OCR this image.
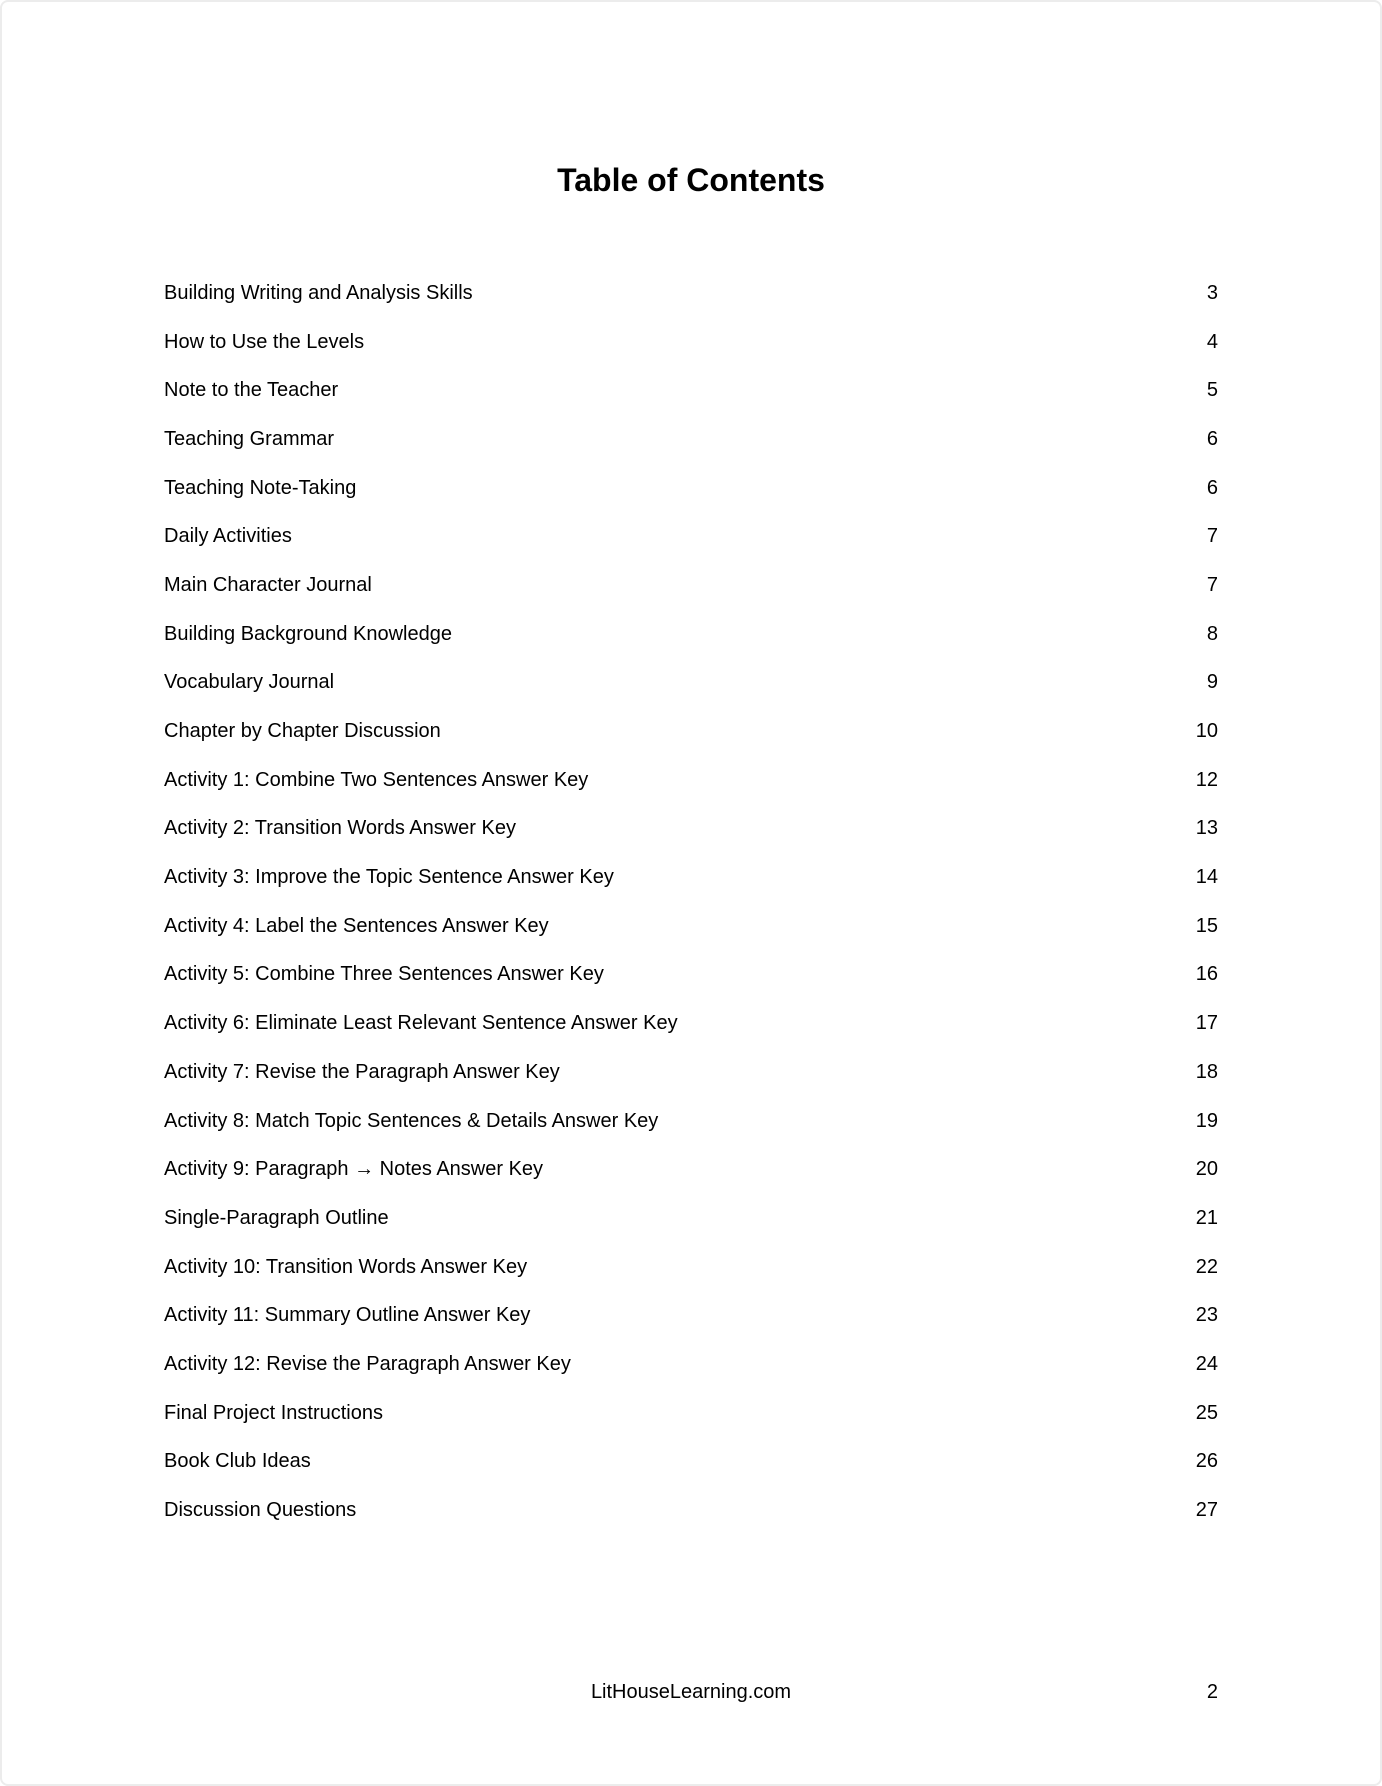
Table of Contents
Building Writing and Analysis Skills	3
How to Use the Levels	4
Note to the Teacher	5
Teaching Grammar	6
Teaching Note-Taking	6
Daily Activities	7
Main Character Journal	7
Building Background Knowledge	8
Vocabulary Journal	9
Chapter by Chapter Discussion	10
Activity 1: Combine Two Sentences Answer Key	12
Activity 2: Transition Words Answer Key	13
Activity 3: Improve the Topic Sentence Answer Key	14
Activity 4: Label the Sentences Answer Key	15
Activity 5: Combine Three Sentences Answer Key	16
Activity 6: Eliminate Least Relevant Sentence Answer Key	17
Activity 7: Revise the Paragraph Answer Key	18
Activity 8: Match Topic Sentences & Details Answer Key	19
Activity 9: Paragraph → Notes Answer Key	20
Single-Paragraph Outline	21
Activity 10: Transition Words Answer Key	22
Activity 11: Summary Outline Answer Key	23
Activity 12: Revise the Paragraph Answer Key	24
Final Project Instructions	25
Book Club Ideas	26
Discussion Questions	27
LitHouseLearning.com	2
